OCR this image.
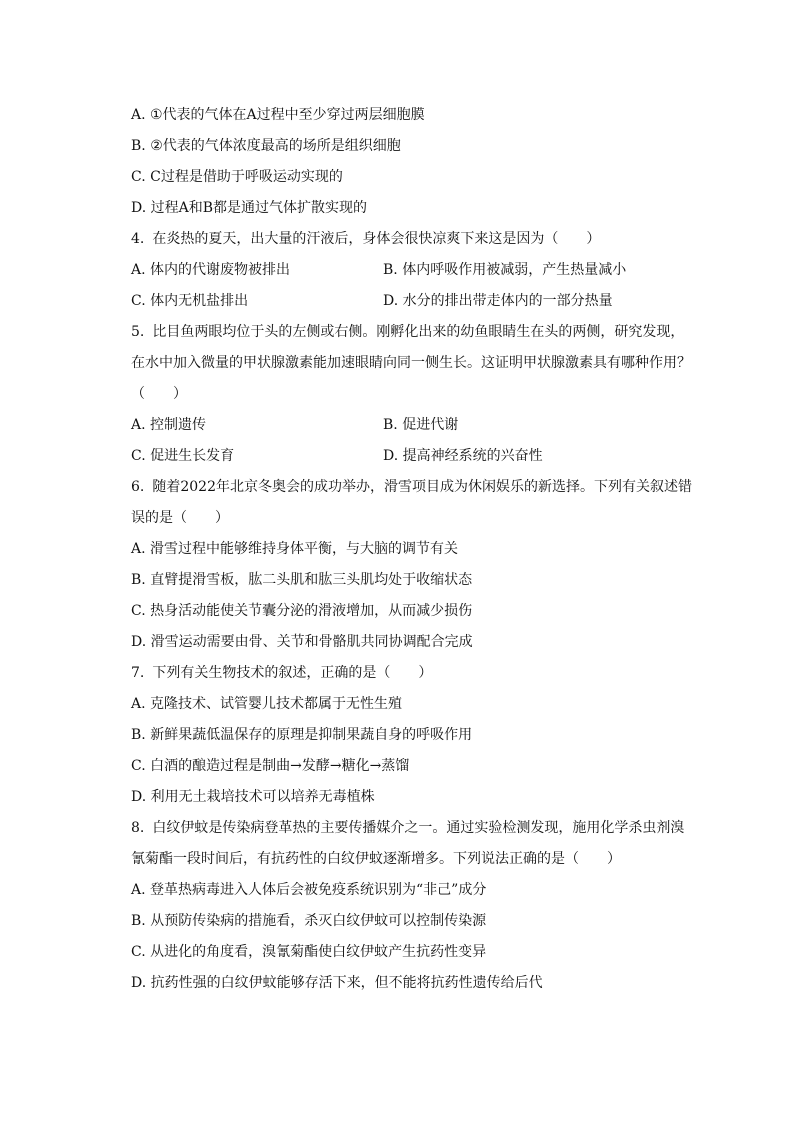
A. ①代表的气体在A过程中至少穿过两层细胞膜
B. ②代表的气体浓度最高的场所是组织细胞
C. C过程是借助于呼吸运动实现的
D. 过程A和B都是通过气体扩散实现的
4. 在炎热的夏天，出大量的汗液后，身体会很快凉爽下来这是因为（　　）
A. 体内的代谢废物被排出	B. 体内呼吸作用被减弱，产生热量减小
C. 体内无机盐排出	D. 水分的排出带走体内的一部分热量
5. 比目鱼两眼均位于头的左侧或右侧。刚孵化出来的幼鱼眼睛生在头的两侧，研究发现，
在水中加入微量的甲状腺激素能加速眼睛向同一侧生长。这证明甲状腺激素具有哪种作用？
（　　）
A. 控制遗传	B. 促进代谢
C. 促进生长发育	D. 提高神经系统的兴奋性
6. 随着2022年北京冬奥会的成功举办，滑雪项目成为休闲娱乐的新选择。下列有关叙述错
误的是（　　）
A. 滑雪过程中能够维持身体平衡，与大脑的调节有关
B. 直臂提滑雪板，肱二头肌和肱三头肌均处于收缩状态
C. 热身活动能使关节囊分泌的滑液增加，从而减少损伤
D. 滑雪运动需要由骨、关节和骨骼肌共同协调配合完成
7. 下列有关生物技术的叙述，正确的是（　　）
A. 克隆技术、试管婴儿技术都属于无性生殖
B. 新鲜果蔬低温保存的原理是抑制果蔬自身的呼吸作用
C. 白酒的酿造过程是制曲→发酵→糖化→蒸馏
D. 利用无土栽培技术可以培养无毒植株
8. 白纹伊蚊是传染病登革热的主要传播媒介之一。通过实验检测发现，施用化学杀虫剂溴
氰菊酯一段时间后，有抗药性的白纹伊蚊逐渐增多。下列说法正确的是（　　）
A. 登革热病毒进入人体后会被免疫系统识别为“非己”成分
B. 从预防传染病的措施看，杀灭白纹伊蚊可以控制传染源
C. 从进化的角度看，溴氰菊酯使白纹伊蚊产生抗药性变异
D. 抗药性强的白纹伊蚊能够存活下来，但不能将抗药性遗传给后代
